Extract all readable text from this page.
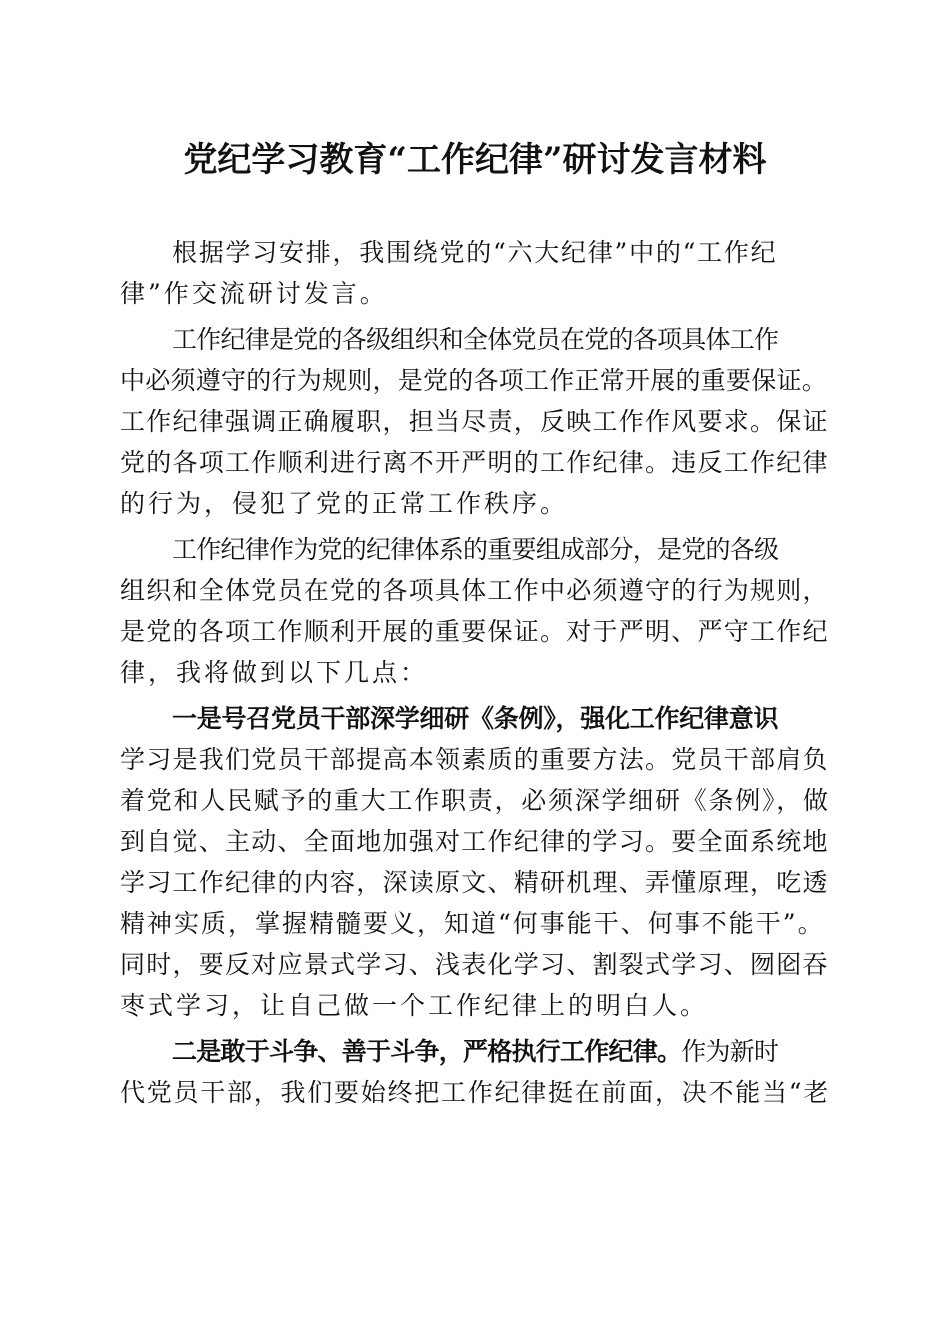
党纪学习教育“工作纪律”研讨发言材料
根据学习安排，我围绕党的“六大纪律”中的“工作纪
律”作交流研讨发言。
工作纪律是党的各级组织和全体党员在党的各项具体工作
中必须遵守的行为规则，是党的各项工作正常开展的重要保证。
工作纪律强调正确履职，担当尽责，反映工作作风要求。保证
党的各项工作顺利进行离不开严明的工作纪律。违反工作纪律
的行为，侵犯了党的正常工作秩序。
工作纪律作为党的纪律体系的重要组成部分，是党的各级
组织和全体党员在党的各项具体工作中必须遵守的行为规则，
是党的各项工作顺利开展的重要保证。对于严明、严守工作纪
律，我将做到以下几点：
一是号召党员干部深学细研《条例》，强化工作纪律意识
学习是我们党员干部提高本领素质的重要方法。党员干部肩负
着党和人民赋予的重大工作职责，必须深学细研《条例》，做
到自觉、主动、全面地加强对工作纪律的学习。要全面系统地
学习工作纪律的内容，深读原文、精研机理、弄懂原理，吃透
精神实质，掌握精髓要义，知道“何事能干、何事不能干”。
同时，要反对应景式学习、浅表化学习、割裂式学习、囫囵吞
枣式学习，让自己做一个工作纪律上的明白人。
二是敢于斗争、善于斗争，严格执行工作纪律。作为新时
代党员干部，我们要始终把工作纪律挺在前面，决不能当“老
